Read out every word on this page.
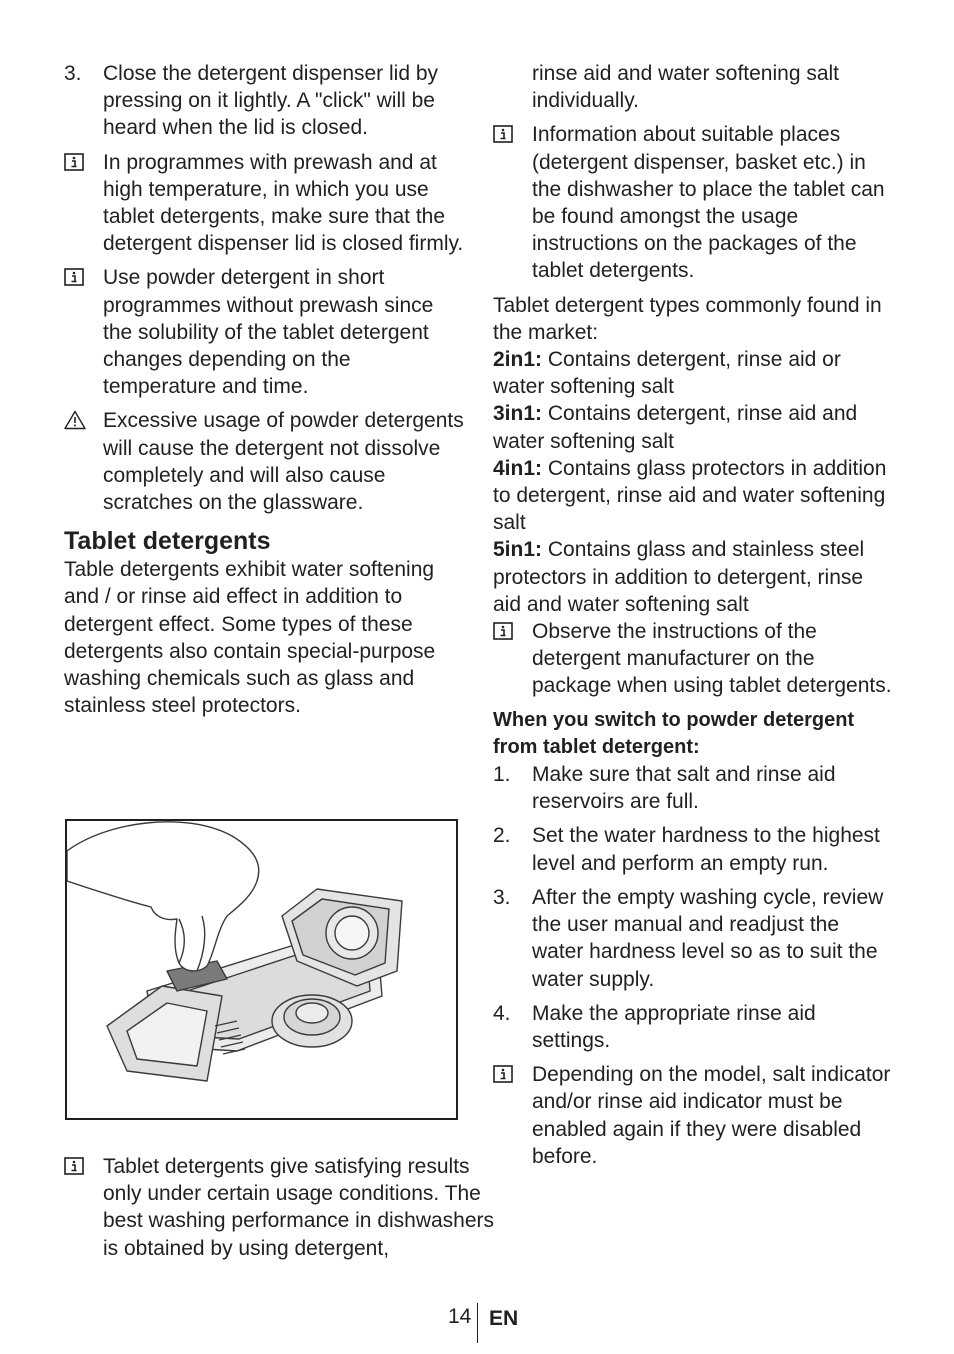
3. Close the detergent dispenser lid by pressing on it lightly. A "click" will be heard when the lid is closed.

In programmes with prewash and at high temperature, in which you use tablet detergents, make sure that the detergent dispenser lid is closed firmly.

Use powder detergent in short programmes without prewash since the solubility of the tablet detergent changes depending on the temperature and time.

Excessive usage of powder detergents will cause the detergent not dissolve completely and will also cause scratches on the glassware.

Tablet detergents

Table detergents exhibit water softening and / or rinse aid effect in addition to detergent effect. Some types of these detergents also contain special-purpose washing chemicals such as glass and stainless steel protectors.

Tablet detergents give satisfying results only under certain usage conditions. The best washing performance in dishwashers is obtained by using detergent,

rinse aid and water softening salt individually.

Information about suitable places (detergent dispenser, basket etc.) in the dishwasher to place the tablet can be found amongst the usage instructions on the packages of the tablet detergents.

Tablet detergent types commonly found in the market:

2in1: Contains detergent, rinse aid or water softening salt

3in1: Contains detergent, rinse aid and water softening salt

4in1: Contains glass protectors in addition to detergent, rinse aid and water softening salt

5in1: Contains glass and stainless steel protectors in addition to detergent, rinse aid and water softening salt

Observe the instructions of the detergent manufacturer on the package when using tablet detergents.

When you switch to powder detergent from tablet detergent:

1. Make sure that salt and rinse aid reservoirs are full.

2. Set the water hardness to the highest level and perform an empty run.

3. After the empty washing cycle, review the user manual and readjust the water hardness level so as to suit the water supply.

4. Make the appropriate rinse aid settings.

Depending on the model, salt indicator and/or rinse aid indicator must be enabled again if they were disabled before.

14 EN
